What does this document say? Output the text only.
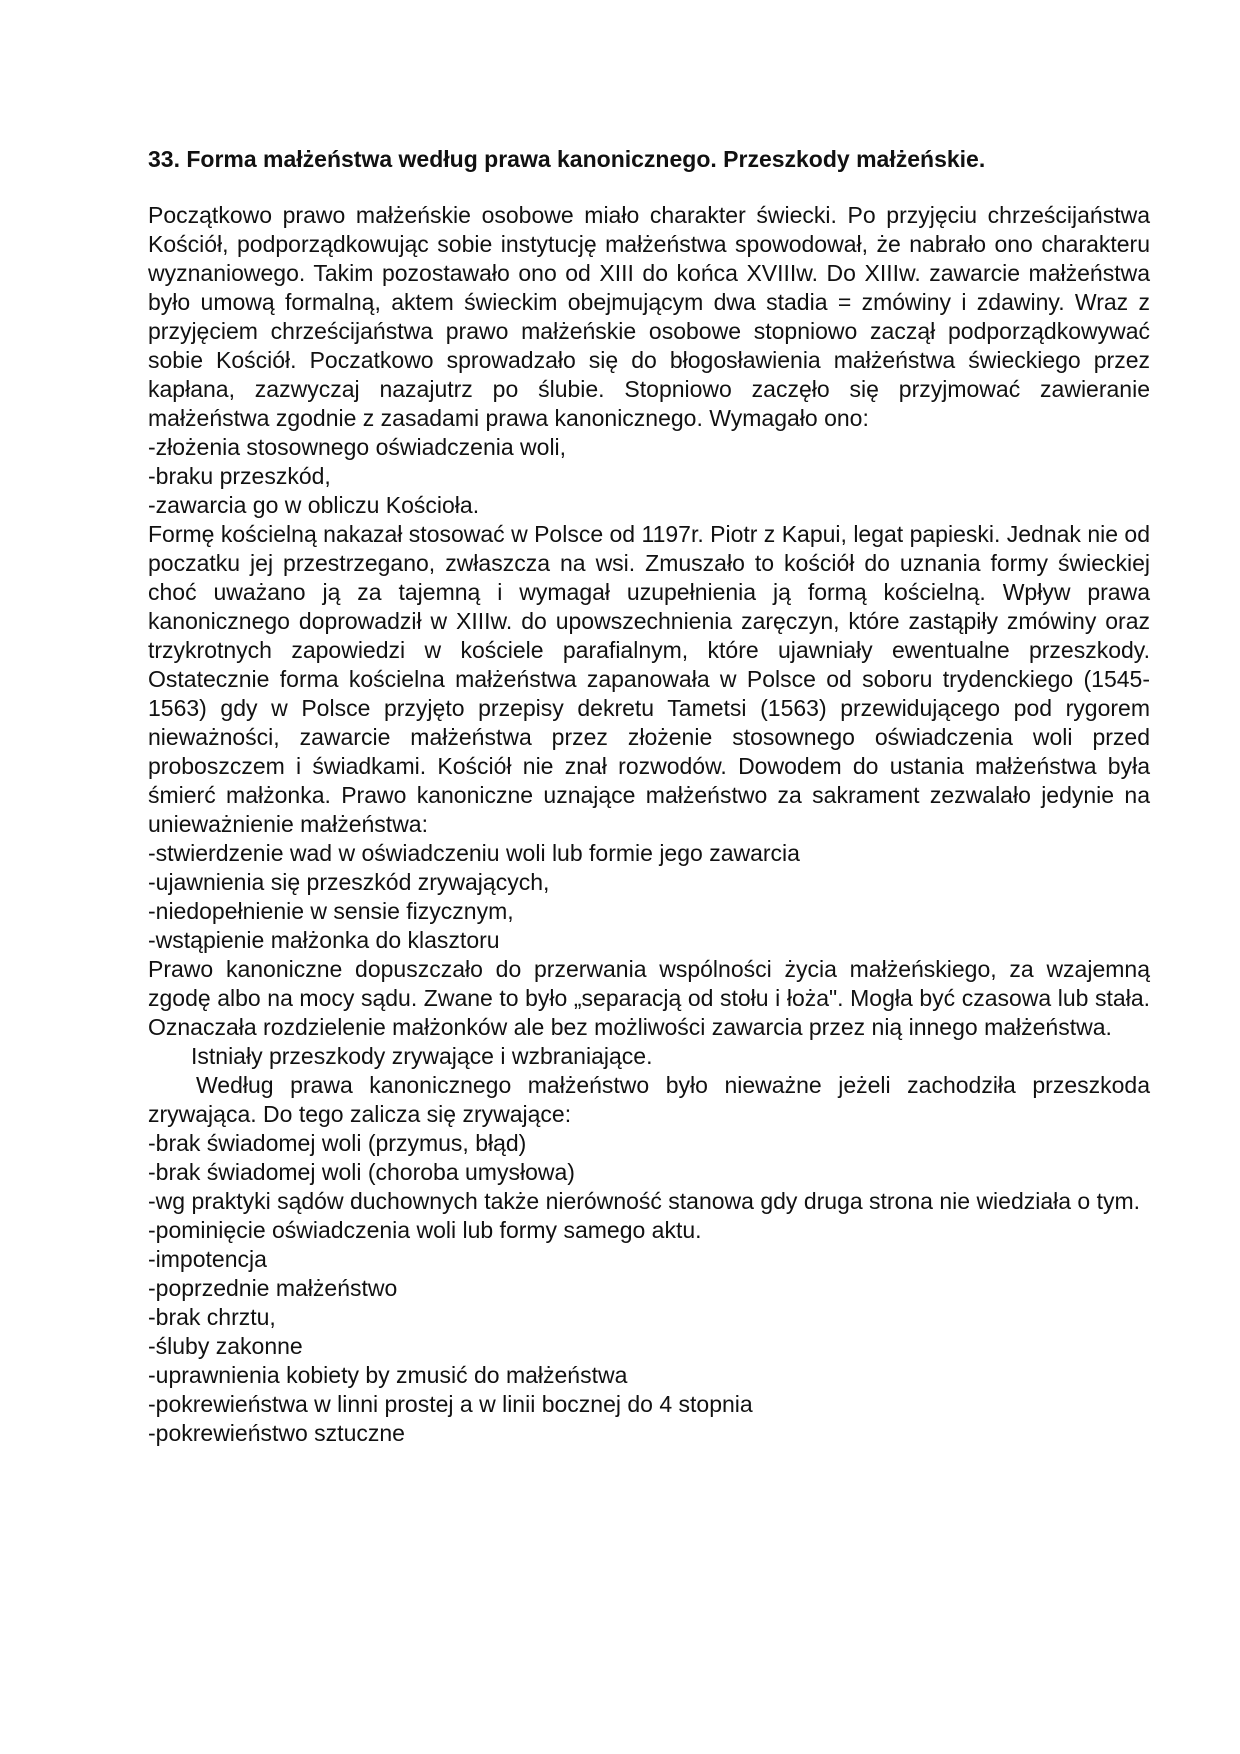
33. Forma małżeństwa według prawa kanonicznego. Przeszkody małżeńskie.

Początkowo prawo małżeńskie osobowe miało charakter świecki. Po przyjęciu chrześcijaństwa Kościół, podporządkowując sobie instytucję małżeństwa spowodował, że nabrało ono charakteru wyznaniowego. Takim pozostawało ono od XIII do końca XVIIIw. Do XIIIw. zawarcie małżeństwa było umową formalną, aktem świeckim obejmującym dwa stadia = zmówiny i zdawiny. Wraz z przyjęciem chrześcijaństwa prawo małżeńskie osobowe stopniowo zaczął podporządkowywać sobie Kościół. Poczatkowo sprowadzało się do błogosławienia małżeństwa świeckiego przez kapłana, zazwyczaj nazajutrz po ślubie. Stopniowo zaczęło się przyjmować zawieranie małżeństwa zgodnie z zasadami prawa kanonicznego. Wymagało ono:

-złożenia stosownego oświadczenia woli,

-braku przeszkód,

-zawarcia go w obliczu Kościoła.

Formę kościelną nakazał stosować w Polsce od 1197r. Piotr z Kapui, legat papieski. Jednak nie od poczatku jej przestrzegano, zwłaszcza na wsi. Zmuszało to kościół do uznania formy świeckiej choć uważano ją za tajemną i wymagał uzupełnienia ją formą kościelną. Wpływ prawa kanonicznego doprowadził w XIIIw. do upowszechnienia zaręczyn, które zastąpiły zmówiny oraz trzykrotnych zapowiedzi w kościele parafialnym, które ujawniały ewentualne przeszkody. Ostatecznie forma kościelna małżeństwa zapanowała w Polsce od soboru trydenckiego (1545-1563) gdy w Polsce przyjęto przepisy dekretu Tametsi (1563) przewidującego pod rygorem nieważności, zawarcie małżeństwa przez złożenie stosownego oświadczenia woli przed proboszczem i świadkami. Kościół nie znał rozwodów. Dowodem do ustania małżeństwa była śmierć małżonka. Prawo kanoniczne uznające małżeństwo za sakrament zezwalało jedynie na unieważnienie małżeństwa:

-stwierdzenie wad w oświadczeniu woli lub formie jego zawarcia

-ujawnienia się przeszkód zrywających,

-niedopełnienie w sensie fizycznym,

-wstąpienie małżonka do klasztoru

Prawo kanoniczne dopuszczało do przerwania wspólności życia małżeńskiego, za wzajemną zgodę albo na mocy sądu. Zwane to było „separacją od stołu i łoża". Mogła być czasowa lub stała. Oznaczała rozdzielenie małżonków ale bez możliwości zawarcia przez nią innego małżeństwa.

Istniały przeszkody zrywające i wzbraniające.

Według prawa kanonicznego małżeństwo było nieważne jeżeli zachodziła przeszkoda zrywająca. Do tego zalicza się zrywające:

-brak świadomej woli (przymus, błąd)

-brak świadomej woli (choroba umysłowa)

-wg praktyki sądów duchownych także nierówność stanowa gdy druga strona nie wiedziała o tym.

-pominięcie oświadczenia woli lub formy samego aktu.

-impotencja

-poprzednie małżeństwo

-brak chrztu,

-śluby zakonne

-uprawnienia kobiety by zmusić do małżeństwa

-pokrewieństwa w linni prostej a w linii bocznej do 4 stopnia

-pokrewieństwo sztuczne
